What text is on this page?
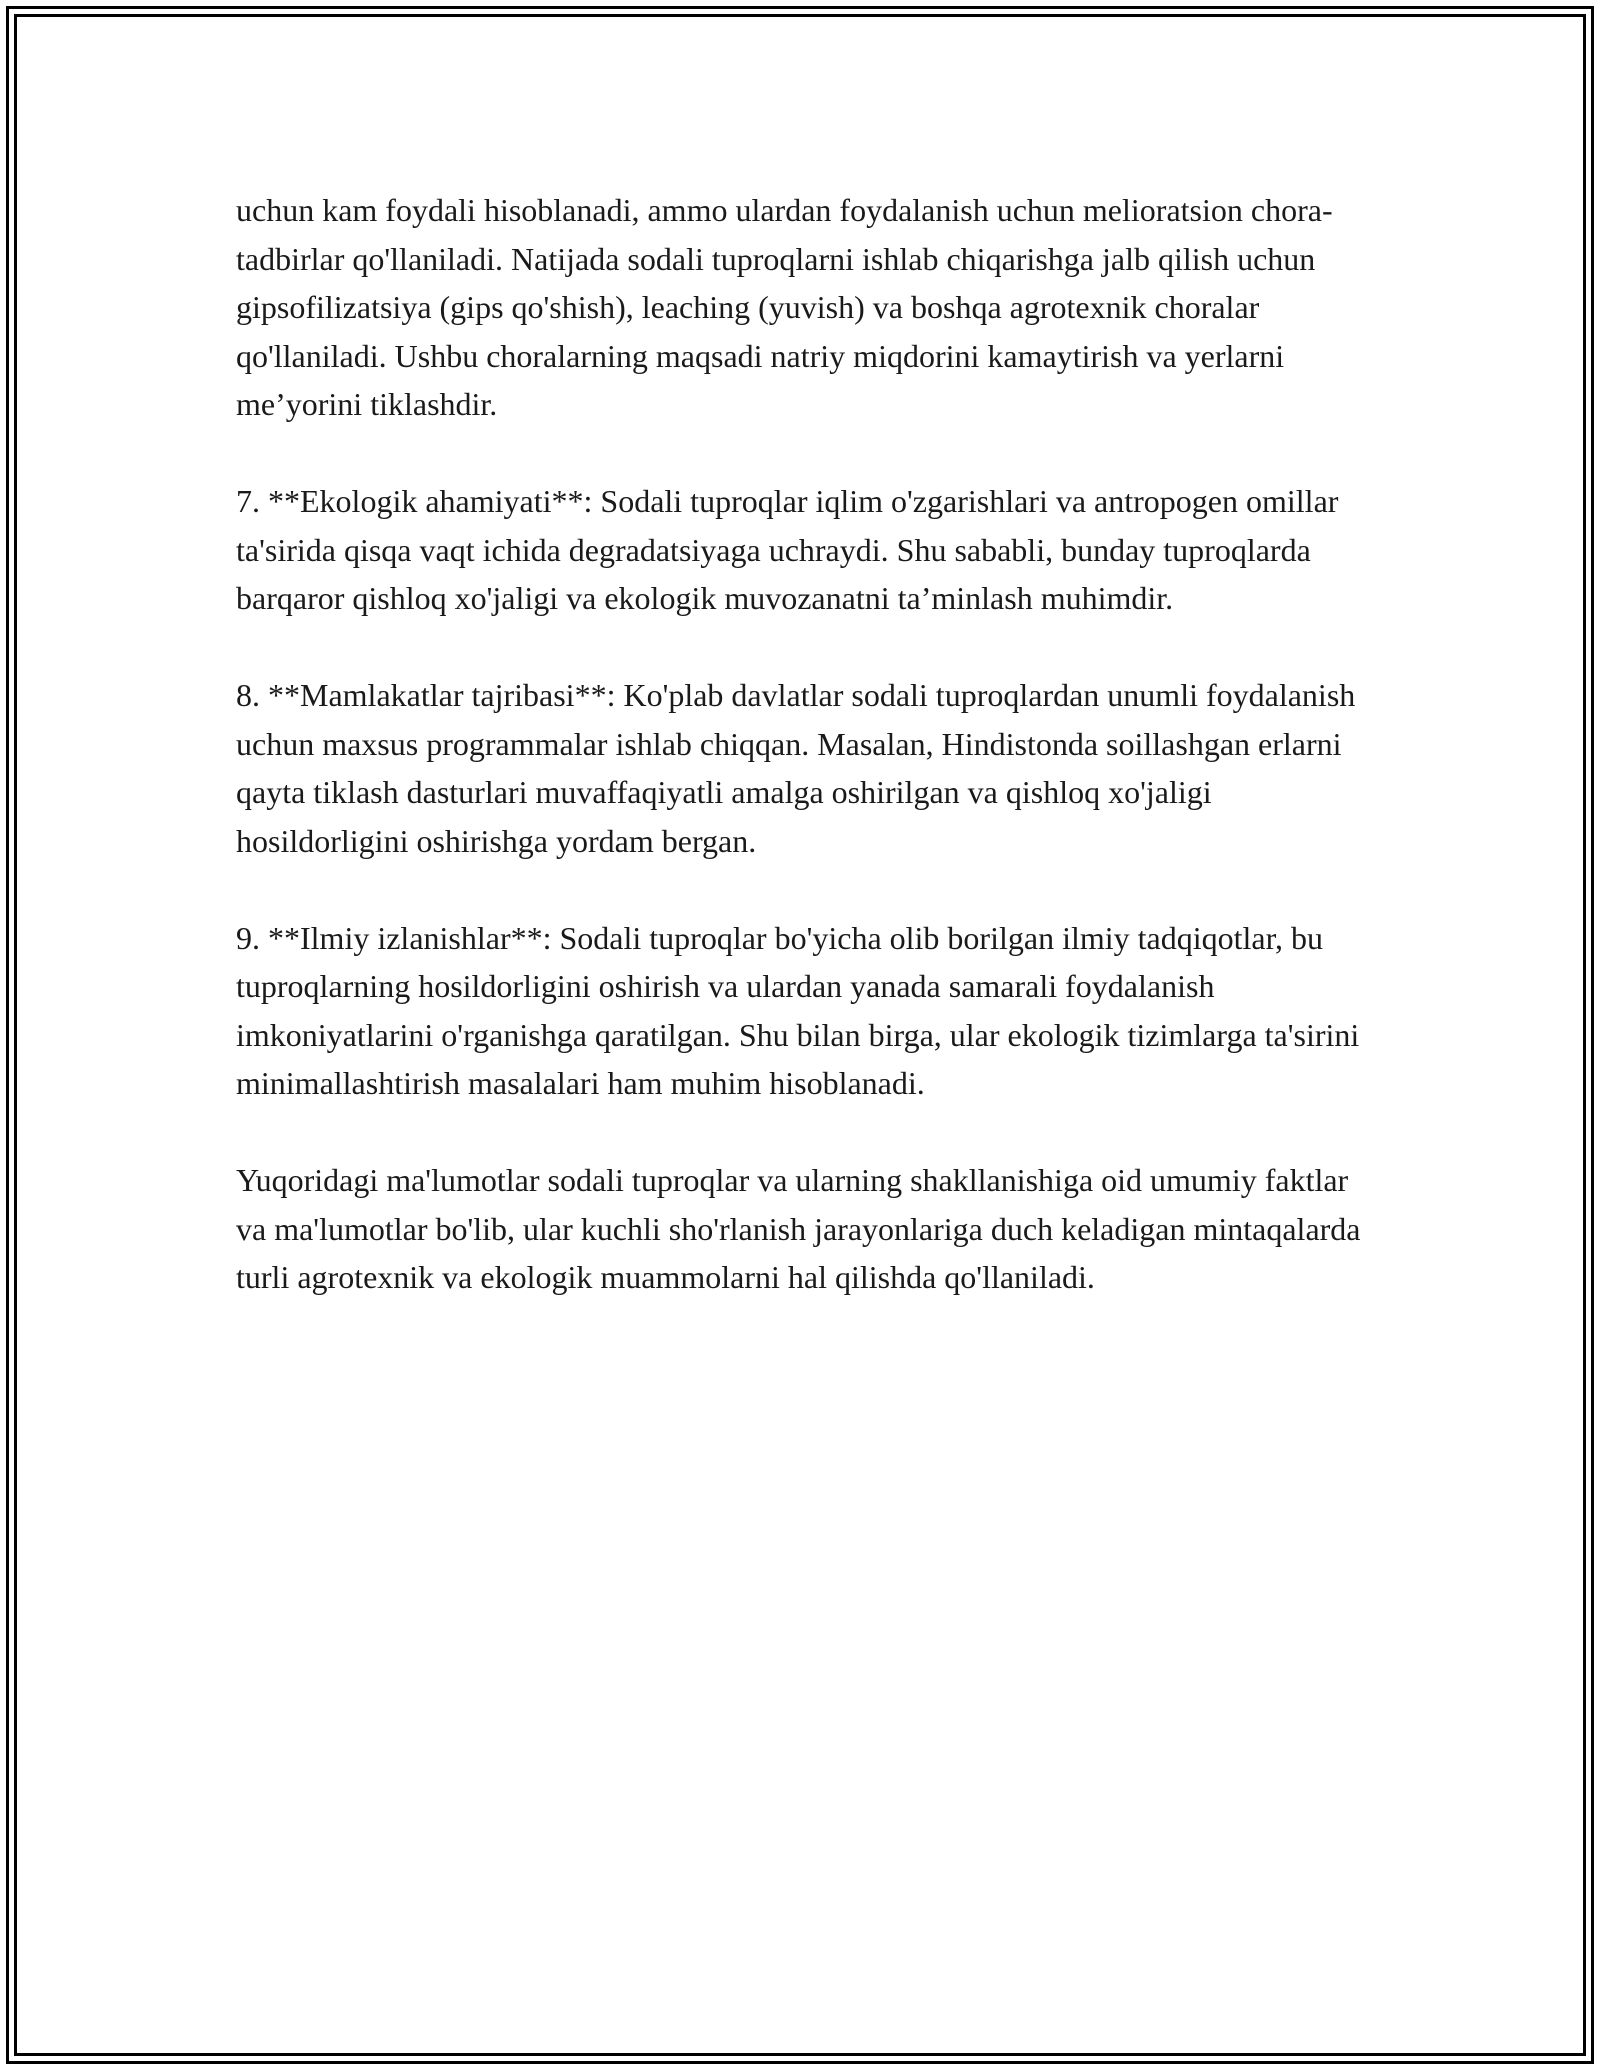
uchun kam foydali hisoblanadi, ammo ulardan foydalanish uchun melioratsion chora-tadbirlar qo'llaniladi. Natijada sodali tuproqlarni ishlab chiqarishga jalb qilish uchun gipsofilizatsiya (gips qo'shish), leaching (yuvish) va boshqa agrotexnik choralar qo'llaniladi. Ushbu choralarning maqsadi natriy miqdorini kamaytirish va yerlarni me’yorini tiklashdir.

7. **Ekologik ahamiyati**: Sodali tuproqlar iqlim o'zgarishlari va antropogen omillar ta'sirida qisqa vaqt ichida degradatsiyaga uchraydi. Shu sababli, bunday tuproqlarda barqaror qishloq xo'jaligi va ekologik muvozanatni ta’minlash muhimdir.

8. **Mamlakatlar tajribasi**: Ko'plab davlatlar sodali tuproqlardan unumli foydalanish uchun maxsus programmalar ishlab chiqqan. Masalan, Hindistonda soillashgan erlarni qayta tiklash dasturlari muvaffaqiyatli amalga oshirilgan va qishloq xo'jaligi hosildorligini oshirishga yordam bergan.

9. **Ilmiy izlanishlar**: Sodali tuproqlar bo'yicha olib borilgan ilmiy tadqiqotlar, bu tuproqlarning hosildorligini oshirish va ulardan yanada samarali foydalanish imkoniyatlarini o'rganishga qaratilgan. Shu bilan birga, ular ekologik tizimlarga ta'sirini minimallashtirish masalalari ham muhim hisoblanadi.

Yuqoridagi ma'lumotlar sodali tuproqlar va ularning shakllanishiga oid umumiy faktlar va ma'lumotlar bo'lib, ular kuchli sho'rlanish jarayonlariga duch keladigan mintaqalarda turli agrotexnik va ekologik muammolarni hal qilishda qo'llaniladi.
